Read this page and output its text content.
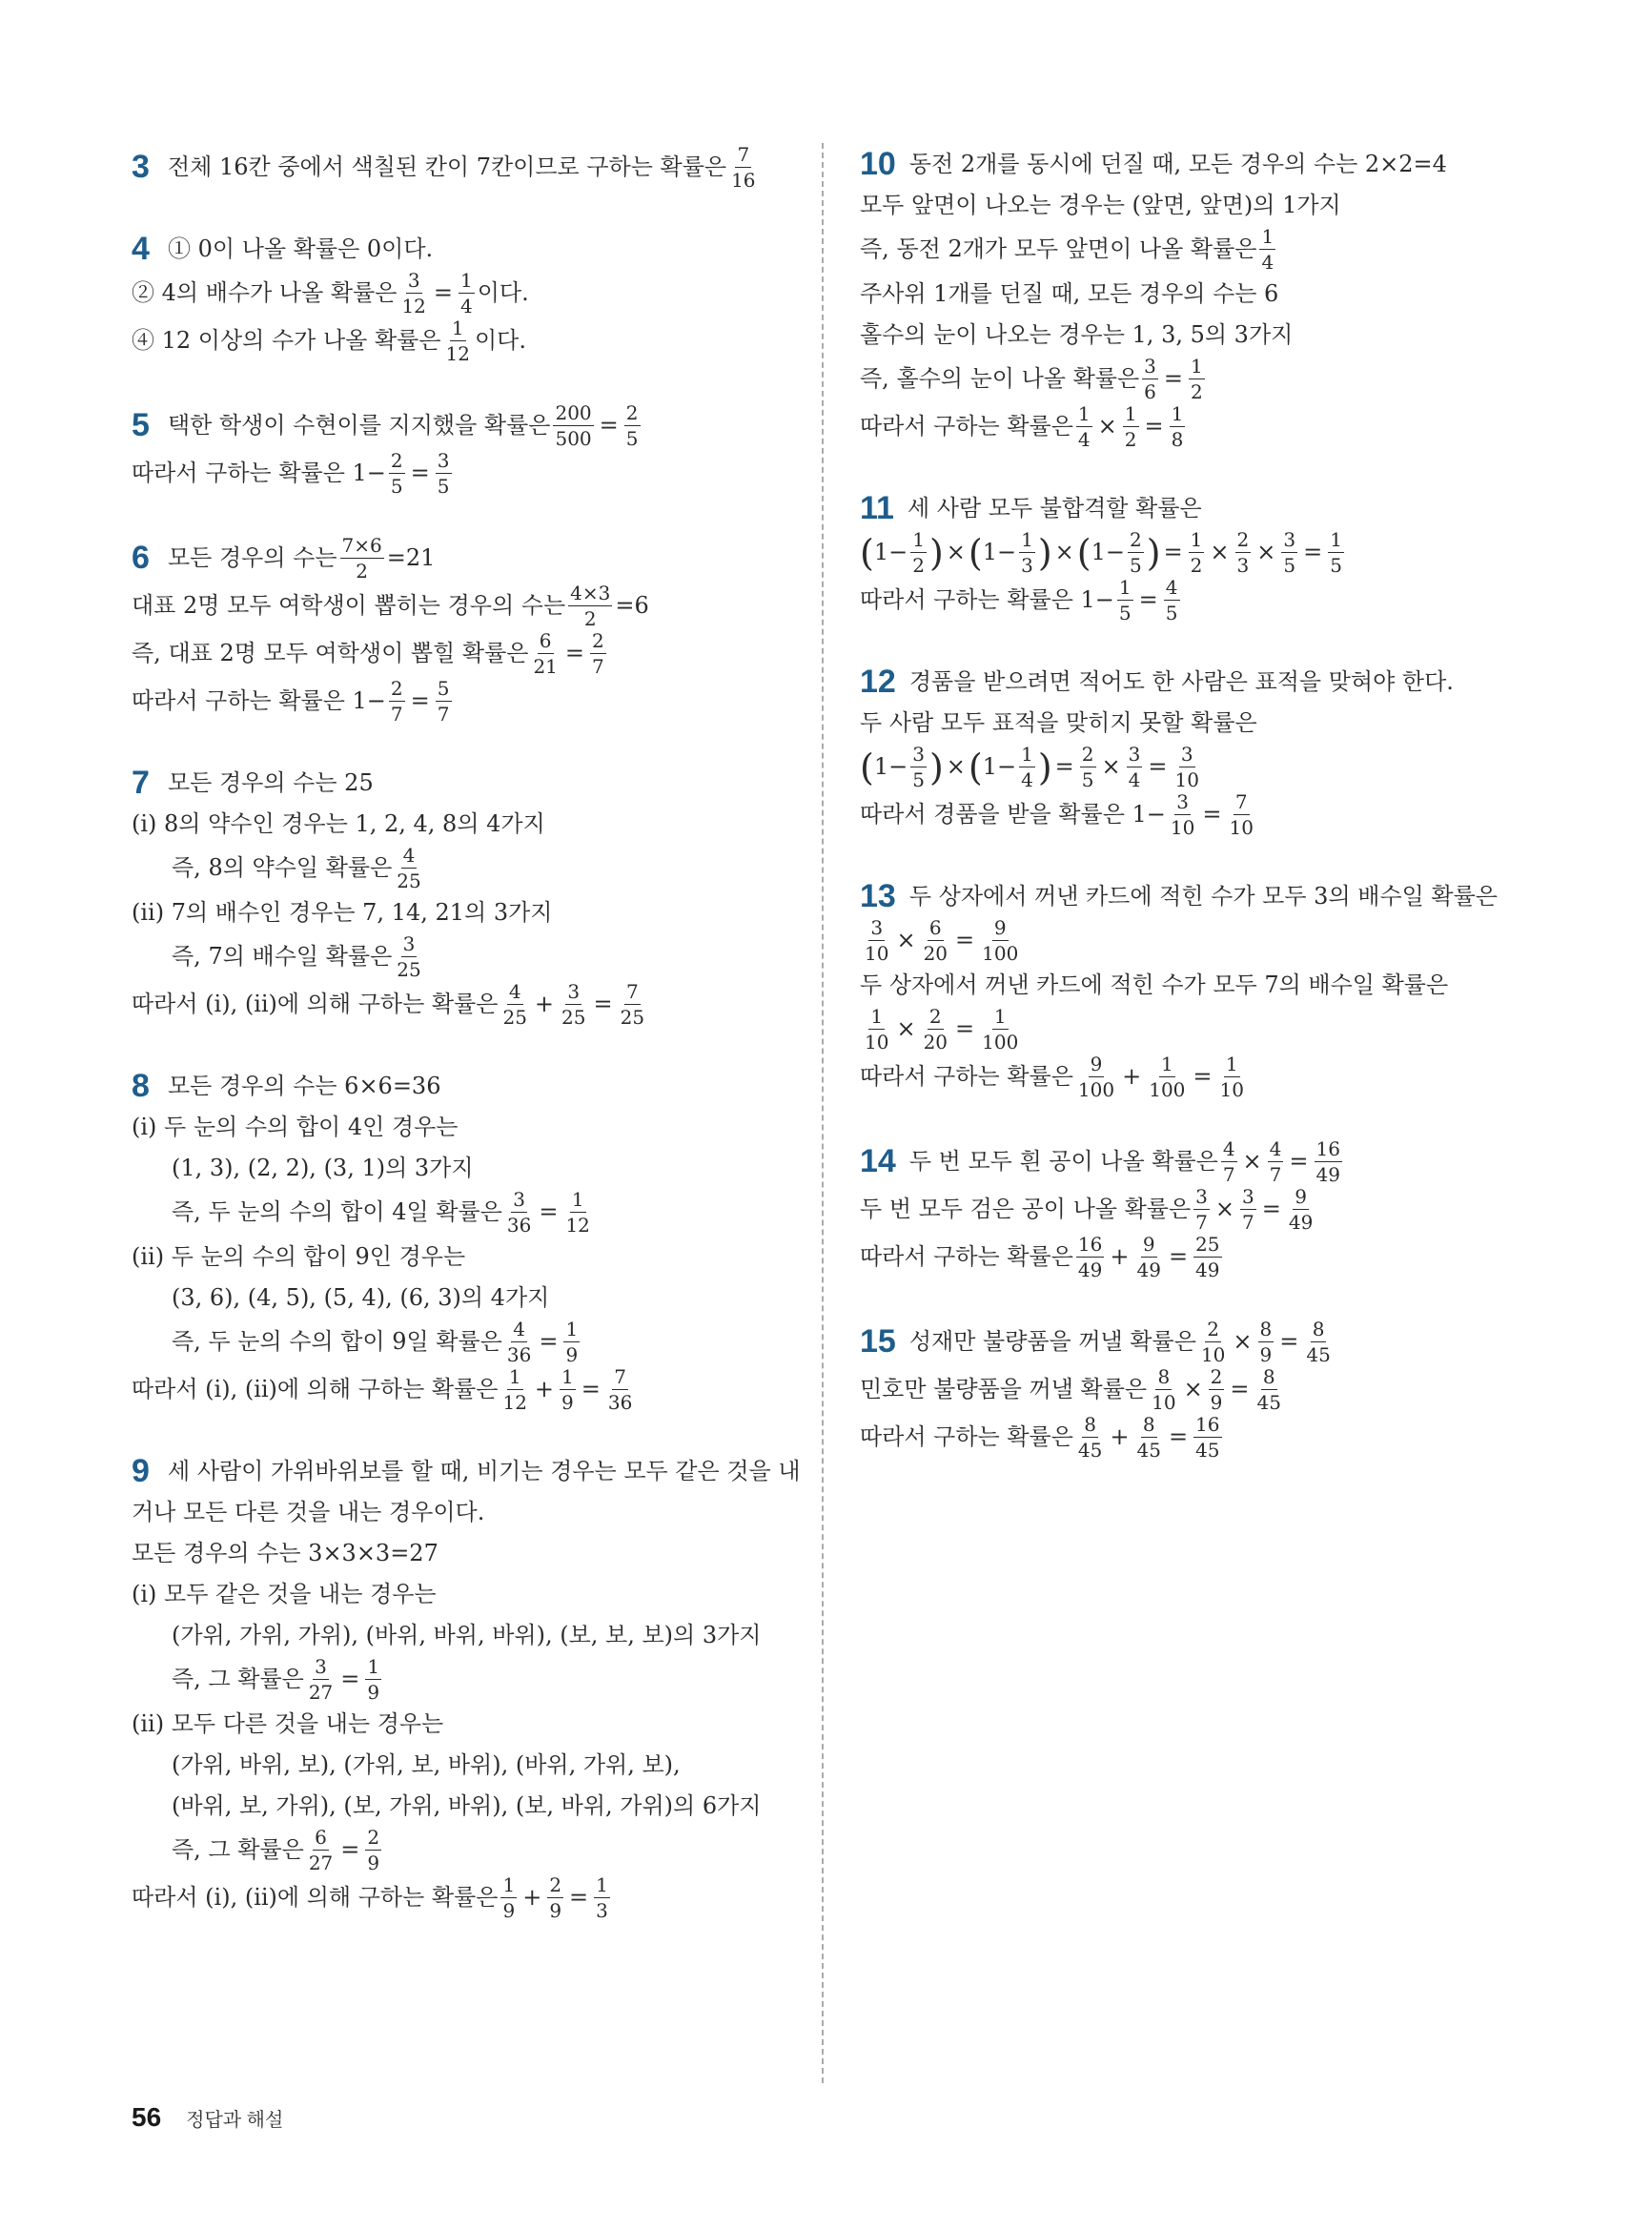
3 전체 16칸 중에서 색칠된 칸이 7칸이므로 구하는 확률은 $\frac{7}{16}$
4 ① 0이 나올 확률은 0이다.
② 4의 배수가 나올 확률은 $\frac{3}{12} = \frac{1}{4}$ 이다.
④ 12 이상의 수가 나올 확률은 $\frac{1}{12}$ 이다.
5 택한 학생이 수현이를 지지했을 확률은 $\frac{200}{500} = \frac{2}{5}$
따라서 구하는 확률은 $1- \frac{2}{5} = \frac{3}{5}$
6 모든 경우의 수는 $\frac{7\times 6}{2} =21$
대표 2명 모두 여학생이 뽑히는 경우의 수는 $\frac{4\times 3}{2} =6$
즉, 대표 2명 모두 여학생이 뽑힐 확률은 $\frac{6}{21} = \frac{2}{7}$
따라서 구하는 확률은 $1- \frac{2}{7} = \frac{5}{7}$
7 모든 경우의 수는 25
(ⅰ) 8의 약수인 경우는 1, 2, 4, 8의 4가지
즉, 8의 약수일 확률은 $\frac{4}{25}$
(ⅱ) 7의 배수인 경우는 7, 14, 21의 3가지
즉, 7의 배수일 확률은 $\frac{3}{25}$
따라서 (ⅰ), (ⅱ)에 의해 구하는 확률은 $\frac{4}{25} + \frac{3}{25} = \frac{7}{25}$
8 모든 경우의 수는 6×6=36
(ⅰ) 두 눈의 수의 합이 4인 경우는
(1, 3), (2, 2), (3, 1)의 3가지
즉, 두 눈의 수의 합이 4일 확률은 $\frac{3}{36} = \frac{1}{12}$
(ⅱ) 두 눈의 수의 합이 9인 경우는
(3, 6), (4, 5), (5, 4), (6, 3)의 4가지
즉, 두 눈의 수의 합이 9일 확률은 $\frac{4}{36} = \frac{1}{9}$
따라서 (ⅰ), (ⅱ)에 의해 구하는 확률은 $\frac{1}{12} + \frac{1}{9} = \frac{7}{36}$
9 세 사람이 가위바위보를 할 때, 비기는 경우는 모두 같은 것을 내
거나 모든 다른 것을 내는 경우이다.
모든 경우의 수는 3×3×3=27
(ⅰ) 모두 같은 것을 내는 경우는
(가위, 가위, 가위), (바위, 바위, 바위), (보, 보, 보)의 3가지
즉, 그 확률은 $\frac{3}{27} = \frac{1}{9}$
(ⅱ) 모두 다른 것을 내는 경우는
(가위, 바위, 보), (가위, 보, 바위), (바위, 가위, 보),
(바위, 보, 가위), (보, 가위, 바위), (보, 바위, 가위)의 6가지
즉, 그 확률은 $\frac{6}{27} = \frac{2}{9}$
따라서 (ⅰ), (ⅱ)에 의해 구하는 확률은 $\frac{1}{9} + \frac{2}{9} = \frac{1}{3}$
10 동전 2개를 동시에 던질 때, 모든 경우의 수는 2×2=4
모두 앞면이 나오는 경우는 (앞면, 앞면)의 1가지
즉, 동전 2개가 모두 앞면이 나올 확률은 $\frac{1}{4}$
주사위 1개를 던질 때, 모든 경우의 수는 6
홀수의 눈이 나오는 경우는 1, 3, 5의 3가지
즉, 홀수의 눈이 나올 확률은 $\frac{3}{6} = \frac{1}{2}$
따라서 구하는 확률은 $\frac{1}{4} \times \frac{1}{2} = \frac{1}{8}$
11 세 사람 모두 불합격할 확률은
( $1- \frac{1}{2}$ ) × ( $1- \frac{1}{3}$ ) × ( $1- \frac{2}{5}$ ) = $\frac{1}{2} \times \frac{2}{3} \times \frac{3}{5} = \frac{1}{5}$
따라서 구하는 확률은 $1- \frac{1}{5} = \frac{4}{5}$
12 경품을 받으려면 적어도 한 사람은 표적을 맞혀야 한다.
두 사람 모두 표적을 맞히지 못할 확률은
( $1- \frac{3}{5}$ ) × ( $1- \frac{1}{4}$ ) = $\frac{2}{5} \times \frac{3}{4} = \frac{3}{10}$
따라서 경품을 받을 확률은 $1- \frac{3}{10} = \frac{7}{10}$
13 두 상자에서 꺼낸 카드에 적힌 수가 모두 3의 배수일 확률은
$\frac{3}{10} \times \frac{6}{20} = \frac{9}{100}$
두 상자에서 꺼낸 카드에 적힌 수가 모두 7의 배수일 확률은
$\frac{1}{10} \times \frac{2}{20} = \frac{1}{100}$
따라서 구하는 확률은 $\frac{9}{100} + \frac{1}{100} = \frac{1}{10}$
14 두 번 모두 흰 공이 나올 확률은 $\frac{4}{7} \times \frac{4}{7} = \frac{16}{49}$
두 번 모두 검은 공이 나올 확률은 $\frac{3}{7} \times \frac{3}{7} = \frac{9}{49}$
따라서 구하는 확률은 $\frac{16}{49} + \frac{9}{49} = \frac{25}{49}$
15 성재만 불량품을 꺼낼 확률은 $\frac{2}{10} \times \frac{8}{9} = \frac{8}{45}$
민호만 불량품을 꺼낼 확률은 $\frac{8}{10} \times \frac{2}{9} = \frac{8}{45}$
따라서 구하는 확률은 $\frac{8}{45} + \frac{8}{45} = \frac{16}{45}$
56 정답과 해설
